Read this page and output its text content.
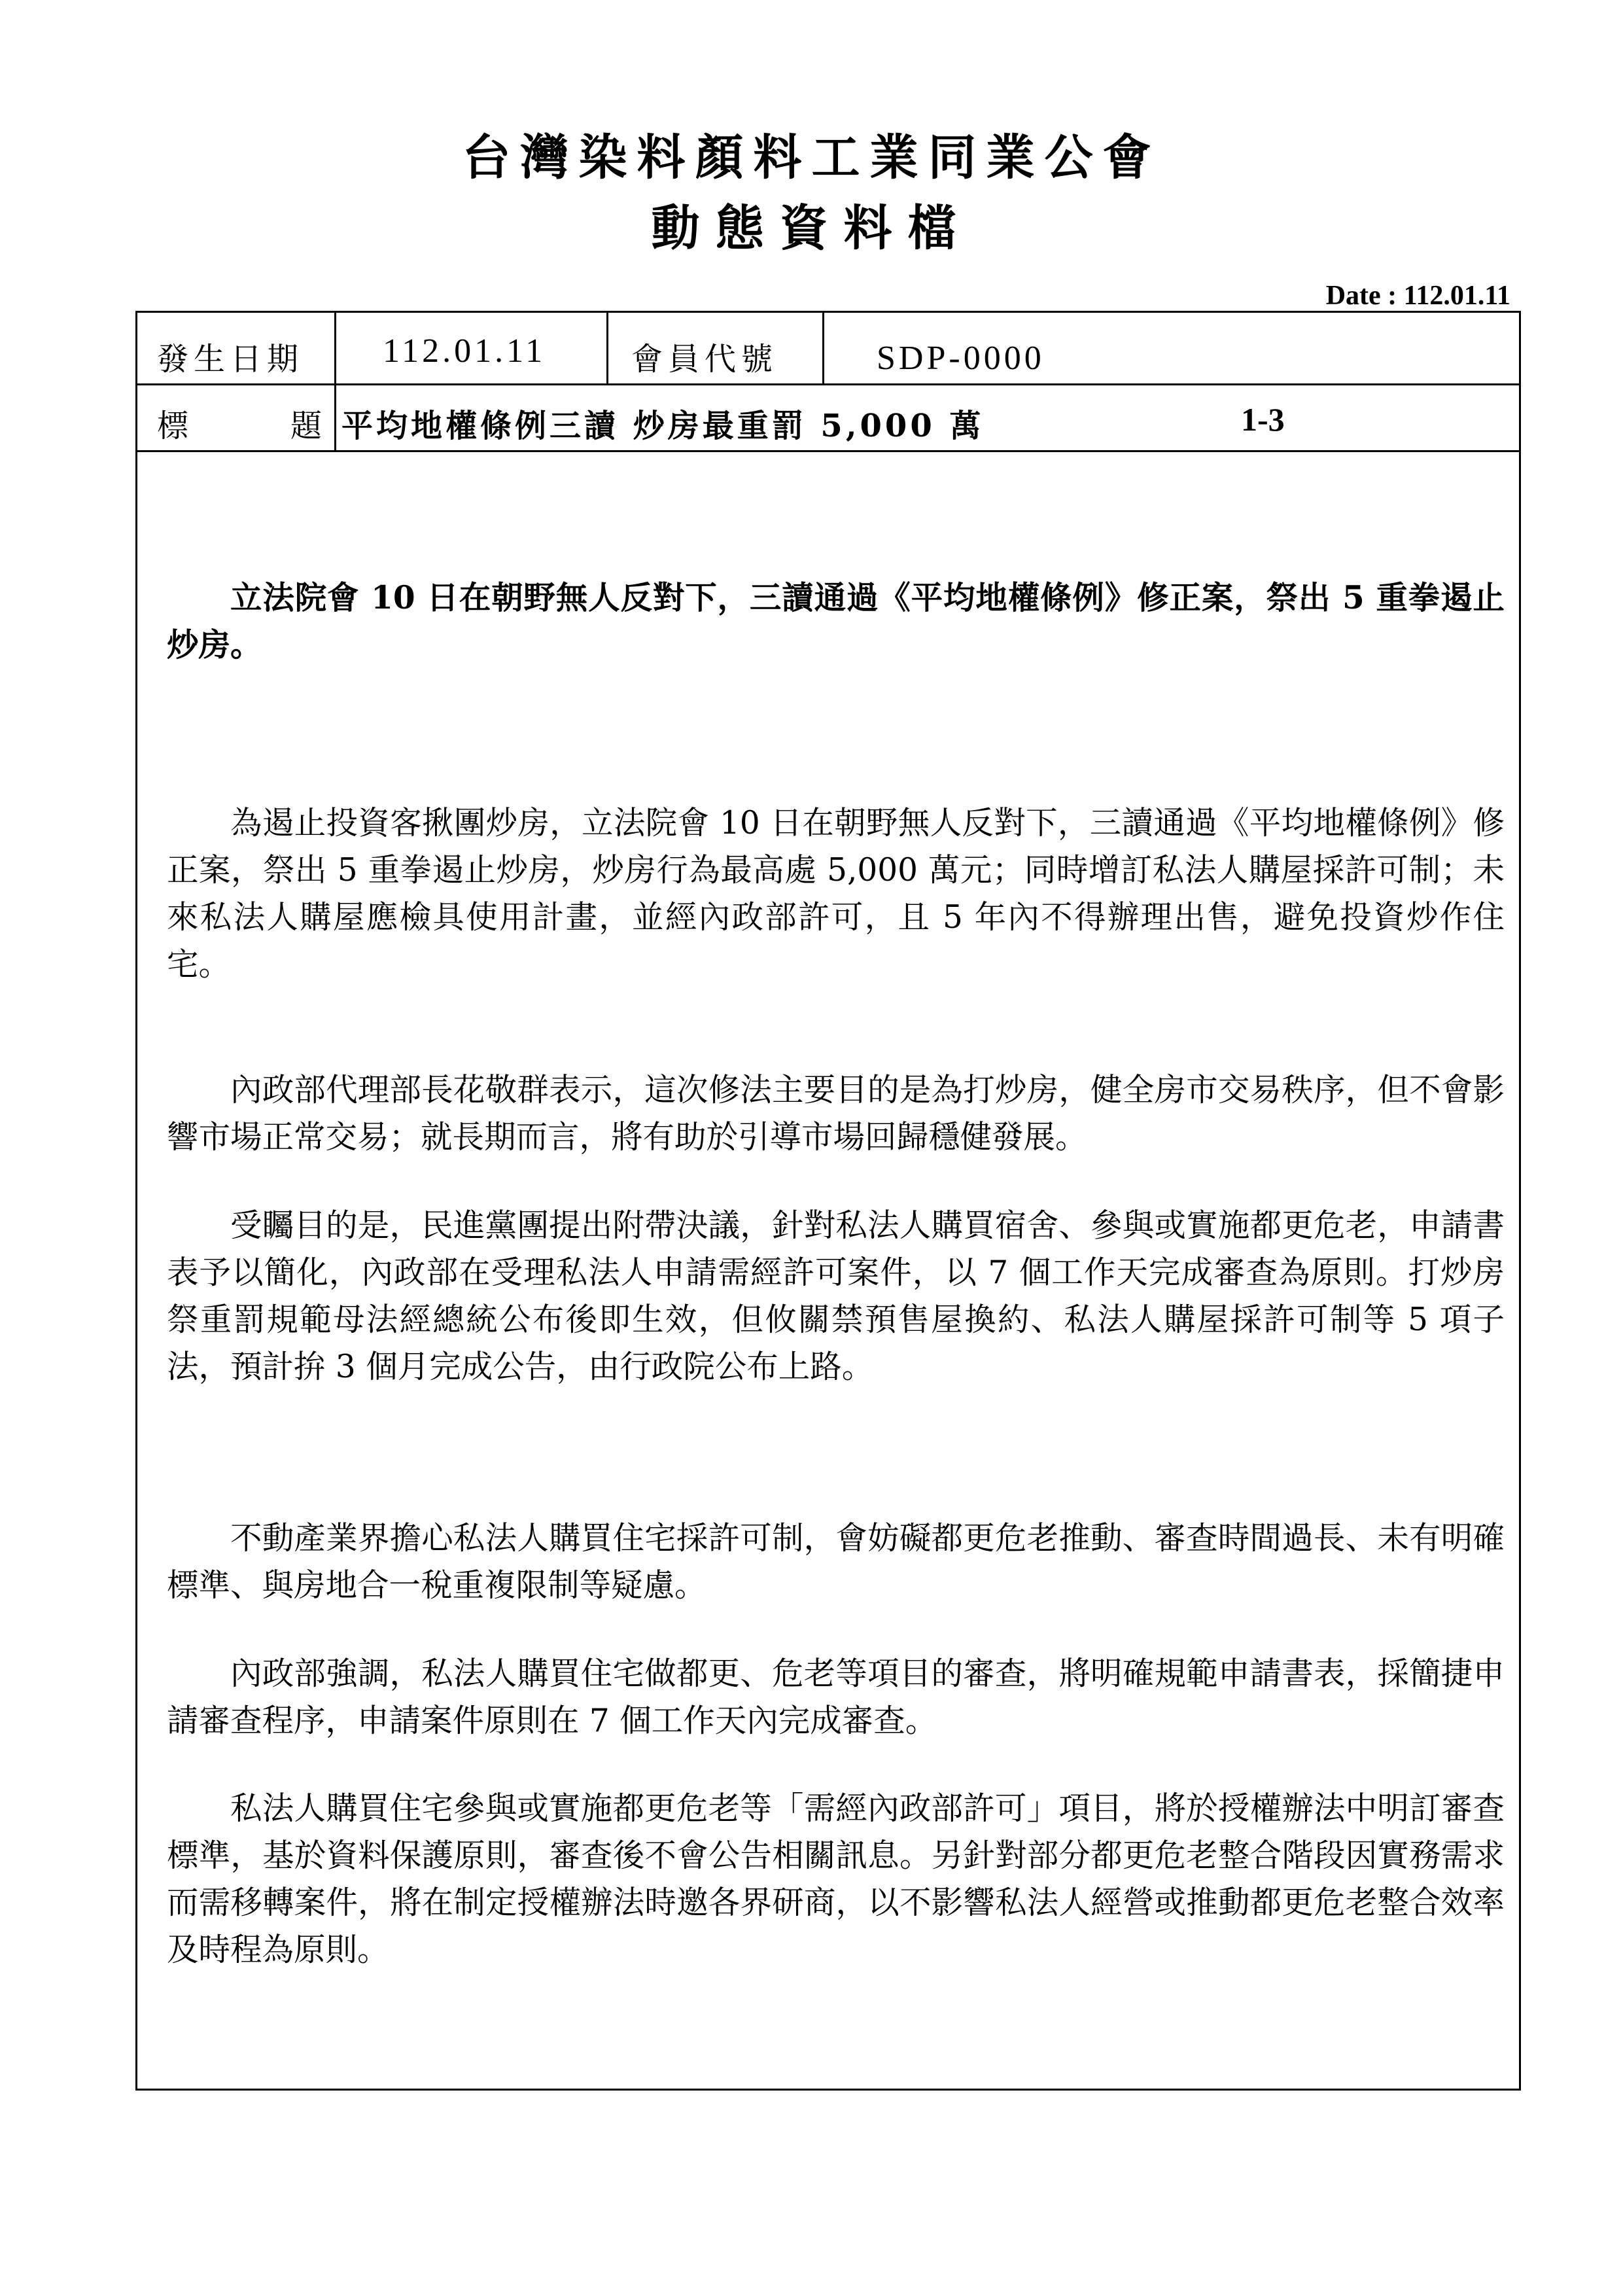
台灣染料顏料工業同業公會
動態資料檔
Date : 112.01.11
發生日期 112.01.11	會員代號	SDP-0000
標　　題 平均地權條例三讀 炒房最重罰 5,000 萬	1-3

立法院會 10 日在朝野無人反對下，三讀通過《平均地權條例》修正案，祭出 5 重拳遏止炒房。

為遏止投資客揪團炒房，立法院會 10 日在朝野無人反對下，三讀通過《平均地權條例》修正案，祭出 5 重拳遏止炒房，炒房行為最高處 5,000 萬元；同時增訂私法人購屋採許可制；未來私法人購屋應檢具使用計畫，並經內政部許可，且 5 年內不得辦理出售，避免投資炒作住宅。

內政部代理部長花敬群表示，這次修法主要目的是為打炒房，健全房市交易秩序，但不會影響市場正常交易；就長期而言，將有助於引導市場回歸穩健發展。

受矚目的是，民進黨團提出附帶決議，針對私法人購買宿舍、參與或實施都更危老，申請書表予以簡化，內政部在受理私法人申請需經許可案件，以 7 個工作天完成審查為原則。打炒房祭重罰規範母法經總統公布後即生效，但攸關禁預售屋換約、私法人購屋採許可制等 5 項子法，預計拚 3 個月完成公告，由行政院公布上路。

不動產業界擔心私法人購買住宅採許可制，會妨礙都更危老推動、審查時間過長、未有明確標準、與房地合一稅重複限制等疑慮。

內政部強調，私法人購買住宅做都更、危老等項目的審查，將明確規範申請書表，採簡捷申請審查程序，申請案件原則在 7 個工作天內完成審查。

私法人購買住宅參與或實施都更危老等「需經內政部許可」項目，將於授權辦法中明訂審查標準，基於資料保護原則，審查後不會公告相關訊息。另針對部分都更危老整合階段因實務需求而需移轉案件，將在制定授權辦法時邀各界研商，以不影響私法人經營或推動都更危老整合效率及時程為原則。
